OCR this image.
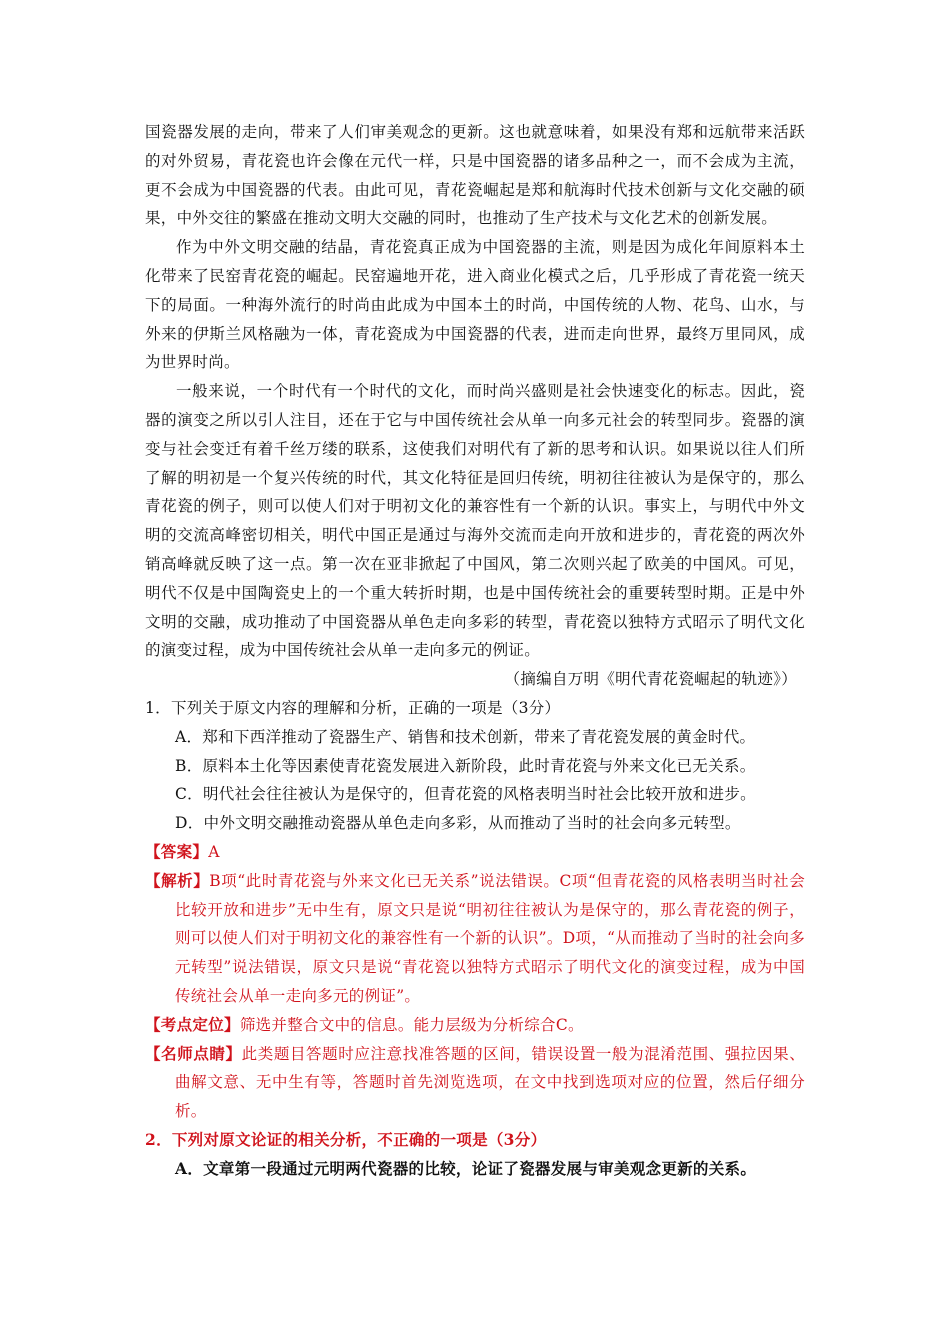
国瓷器发展的走向，带来了人们审美观念的更新。这也就意味着，如果没有郑和远航带来活跃的对外贸易，青花瓷也许会像在元代一样，只是中国瓷器的诸多品种之一，而不会成为主流，更不会成为中国瓷器的代表。由此可见，青花瓷崛起是郑和航海时代技术创新与文化交融的硕果，中外交往的繁盛在推动文明大交融的同时，也推动了生产技术与文化艺术的创新发展。

作为中外文明交融的结晶，青花瓷真正成为中国瓷器的主流，则是因为成化年间原料本土化带来了民窑青花瓷的崛起。民窑遍地开花，进入商业化模式之后，几乎形成了青花瓷一统天下的局面。一种海外流行的时尚由此成为中国本土的时尚，中国传统的人物、花鸟、山水，与外来的伊斯兰风格融为一体，青花瓷成为中国瓷器的代表，进而走向世界，最终万里同风，成为世界时尚。

一般来说，一个时代有一个时代的文化，而时尚兴盛则是社会快速变化的标志。因此，瓷器的演变之所以引人注目，还在于它与中国传统社会从单一向多元社会的转型同步。瓷器的演变与社会变迁有着千丝万缕的联系，这使我们对明代有了新的思考和认识。如果说以往人们所了解的明初是一个复兴传统的时代，其文化特征是回归传统，明初往往被认为是保守的，那么青花瓷的例子，则可以使人们对于明初文化的兼容性有一个新的认识。事实上，与明代中外文明的交流高峰密切相关，明代中国正是通过与海外交流而走向开放和进步的，青花瓷的两次外销高峰就反映了这一点。第一次在亚非掀起了中国风，第二次则兴起了欧美的中国风。可见，明代不仅是中国陶瓷史上的一个重大转折时期，也是中国传统社会的重要转型时期。正是中外文明的交融，成功推动了中国瓷器从单色走向多彩的转型，青花瓷以独特方式昭示了明代文化的演变过程，成为中国传统社会从单一走向多元的例证。

（摘编自万明《明代青花瓷崛起的轨迹》）

1．下列关于原文内容的理解和分析，正确的一项是（3分）

A．郑和下西洋推动了瓷器生产、销售和技术创新，带来了青花瓷发展的黄金时代。

B．原料本土化等因素使青花瓷发展进入新阶段，此时青花瓷与外来文化已无关系。

C．明代社会往往被认为是保守的，但青花瓷的风格表明当时社会比较开放和进步。

D．中外文明交融推动瓷器从单色走向多彩，从而推动了当时的社会向多元转型。

【答案】A

【解析】B项“此时青花瓷与外来文化已无关系”说法错误。C项“但青花瓷的风格表明当时社会比较开放和进步”无中生有，原文只是说“明初往往被认为是保守的，那么青花瓷的例子，则可以使人们对于明初文化的兼容性有一个新的认识”。D项，“从而推动了当时的社会向多元转型”说法错误，原文只是说“青花瓷以独特方式昭示了明代文化的演变过程，成为中国传统社会从单一走向多元的例证”。

【考点定位】筛选并整合文中的信息。能力层级为分析综合C。

【名师点睛】此类题目答题时应注意找准答题的区间，错误设置一般为混淆范围、强拉因果、曲解文意、无中生有等，答题时首先浏览选项，在文中找到选项对应的位置，然后仔细分析。

2．下列对原文论证的相关分析，不正确的一项是（3分）

A．文章第一段通过元明两代瓷器的比较，论证了瓷器发展与审美观念更新的关系。
